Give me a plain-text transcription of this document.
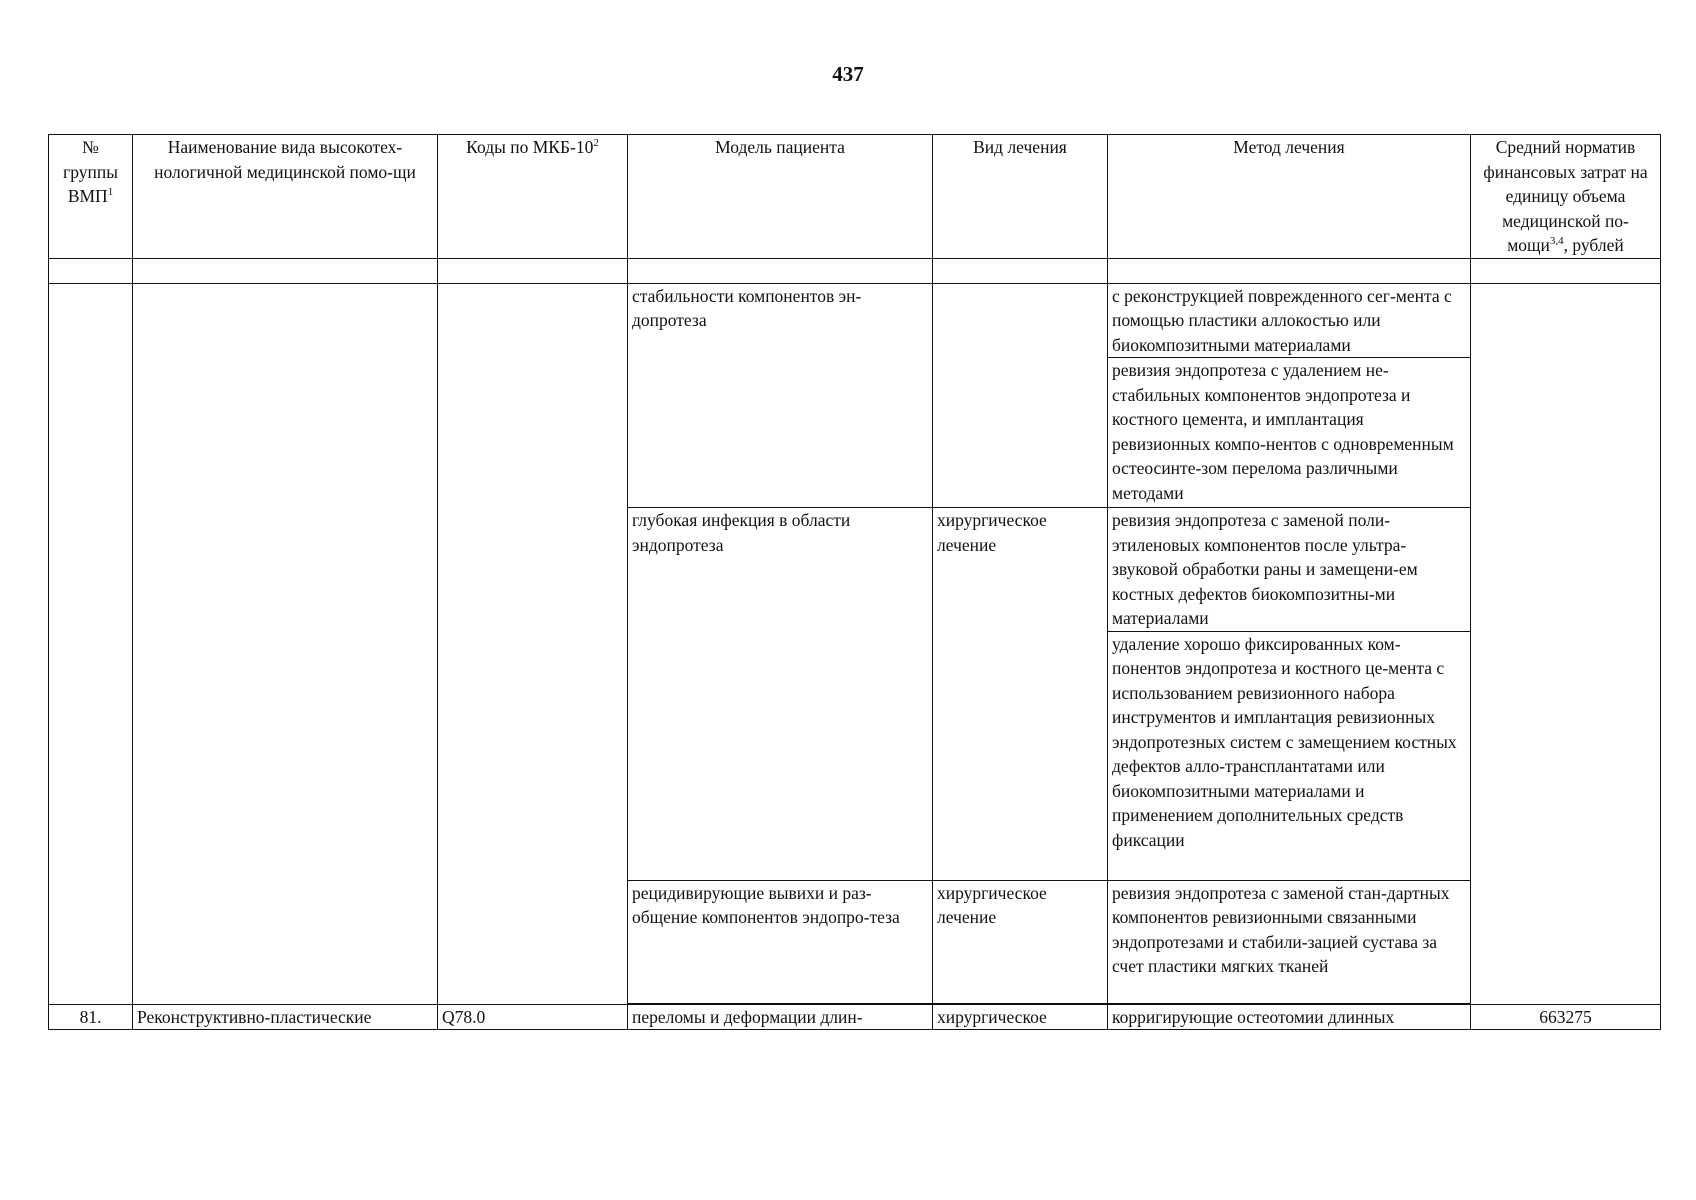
437
№ группы ВМП$^1$	Наименование вида высокотех-нологичной медицинской помо-щи	Коды по МКБ-$10^2$	Модель пациента	Вид лечения	Метод лечения	Средний норматив финансовых затрат на единицу объема медицинской по-мощи$^{3,4}$, рублей

			стабильности компонентов эн-допротеза		с реконструкцией поврежденного сег-мента с помощью пластики аллокостью или биокомпозитными материалами	
					ревизия эндопротеза с удалением не-стабильных компонентов эндопротеза и костного цемента, и имплантация ревизионных компо-нентов с одновременным остеосинте-зом перелома различными методами	
			глубокая инфекция в области эндопротеза	хирургическое лечение	ревизия эндопротеза с заменой поли-этиленовых компонентов после ультра-звуковой обработки раны и замещени-ем костных дефектов биокомпозитны-ми материалами	
					удаление хорошо фиксированных ком-понентов эндопротеза и костного це-мента с использованием ревизионного набора инструментов и имплантация ревизионных эндопротезных систем с замещением костных дефектов алло-трансплантатами или биокомпозитными материалами и применением дополнительных средств фиксации	
			рецидивирующие вывихи и раз-общение компонентов эндопро-теза	хирургическое лечение	ревизия эндопротеза с заменой стан-дартных компонентов ревизионными связанными эндопротезами и стабили-зацией сустава за счет пластики мягких тканей	

81.	Реконструктивно-пластические	Q78.0	переломы и деформации длин-	хирургическое	корригирующие остеотомии длинных	663275
